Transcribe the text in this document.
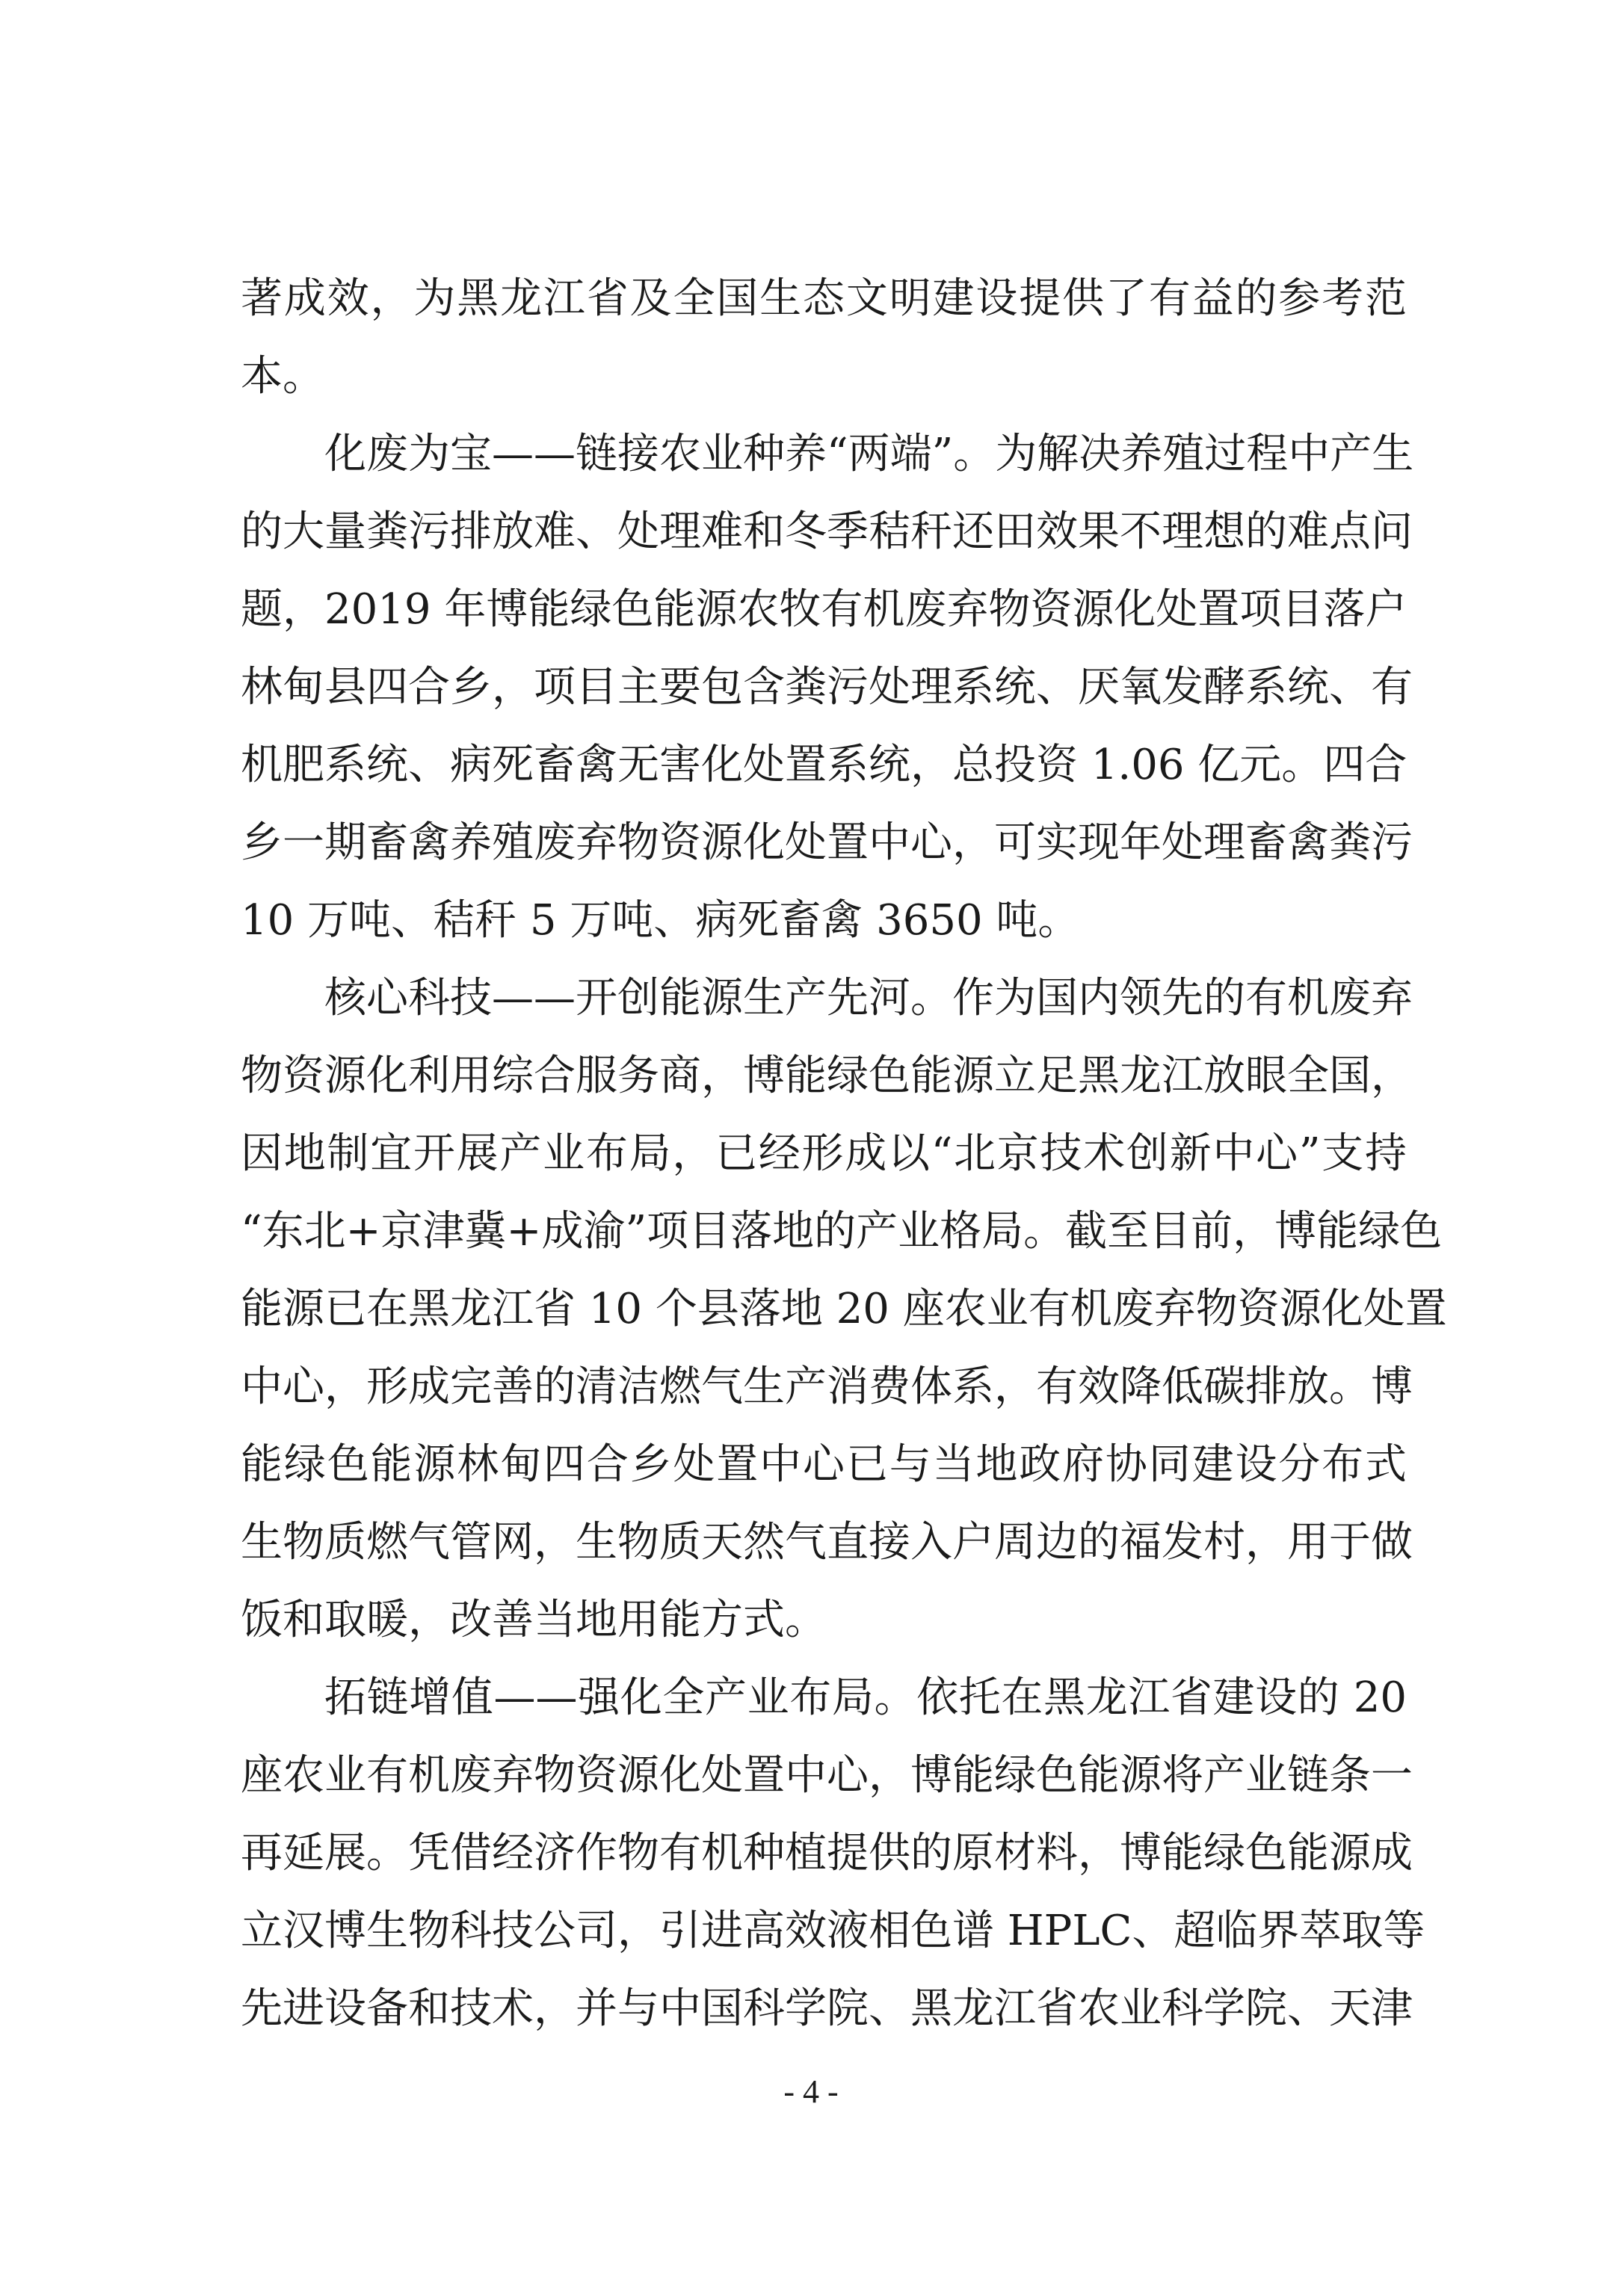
著成效，为黑龙江省及全国生态文明建设提供了有益的参考范
本。
化废为宝——链接农业种养“两端”。为解决养殖过程中产生
的大量粪污排放难、处理难和冬季秸秆还田效果不理想的难点问
题，2019 年博能绿色能源农牧有机废弃物资源化处置项目落户
林甸县四合乡，项目主要包含粪污处理系统、厌氧发酵系统、有
机肥系统、病死畜禽无害化处置系统，总投资 1.06 亿元。四合
乡一期畜禽养殖废弃物资源化处置中心，可实现年处理畜禽粪污
10 万吨、秸秆 5 万吨、病死畜禽 3650 吨。
核心科技——开创能源生产先河。作为国内领先的有机废弃
物资源化利用综合服务商，博能绿色能源立足黑龙江放眼全国，
因地制宜开展产业布局，已经形成以“北京技术创新中心”支持
“东北+京津冀+成渝”项目落地的产业格局。截至目前，博能绿色
能源已在黑龙江省 10 个县落地 20 座农业有机废弃物资源化处置
中心，形成完善的清洁燃气生产消费体系，有效降低碳排放。博
能绿色能源林甸四合乡处置中心已与当地政府协同建设分布式
生物质燃气管网，生物质天然气直接入户周边的福发村，用于做
饭和取暖，改善当地用能方式。
拓链增值——强化全产业布局。依托在黑龙江省建设的 20
座农业有机废弃物资源化处置中心，博能绿色能源将产业链条一
再延展。凭借经济作物有机种植提供的原材料，博能绿色能源成
立汉博生物科技公司，引进高效液相色谱 HPLC、超临界萃取等
先进设备和技术，并与中国科学院、黑龙江省农业科学院、天津
- 4 -
